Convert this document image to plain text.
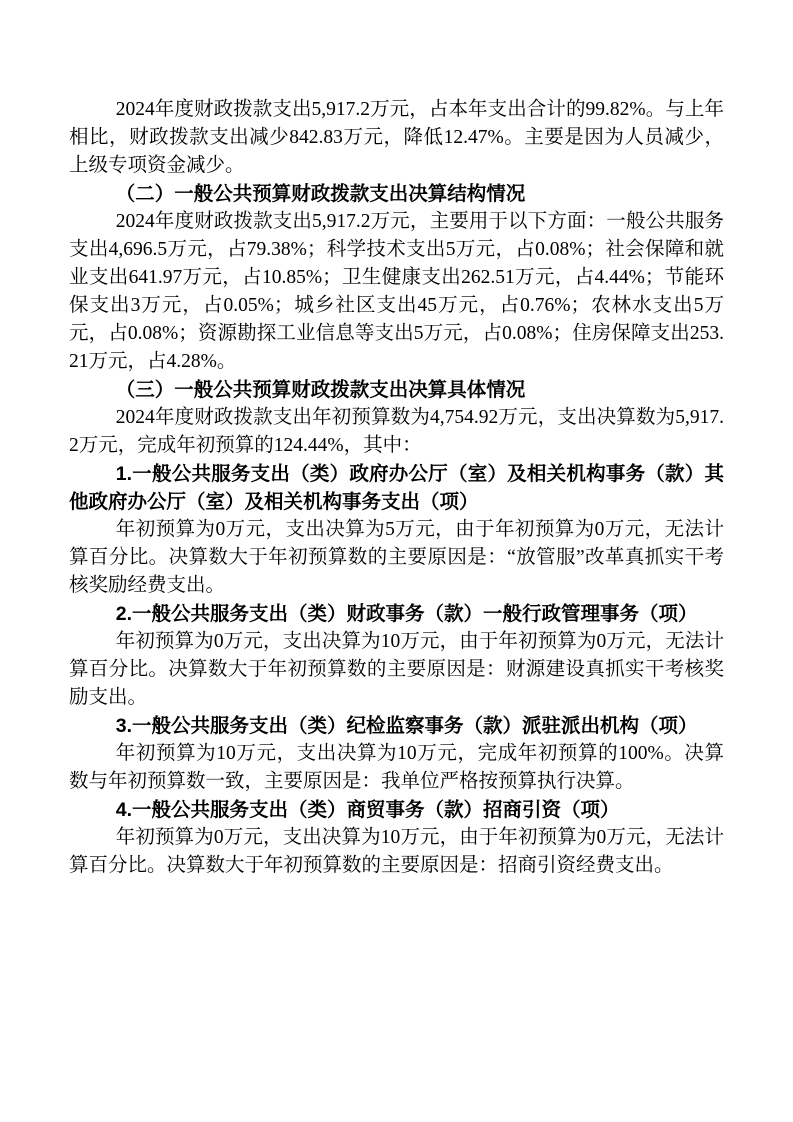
2024年度财政拨款支出5,917.2万元，占本年支出合计的99.82%。与上年相比，财政拨款支出减少842.83万元，降低12.47%。主要是因为人员减少，上级专项资金减少。

（二）一般公共预算财政拨款支出决算结构情况

2024年度财政拨款支出5,917.2万元，主要用于以下方面：一般公共服务支出4,696.5万元，占79.38%；科学技术支出5万元，占0.08%；社会保障和就业支出641.97万元，占10.85%；卫生健康支出262.51万元，占4.44%；节能环保支出3万元，占0.05%；城乡社区支出45万元，占0.76%；农林水支出5万元，占0.08%；资源勘探工业信息等支出5万元，占0.08%；住房保障支出253.21万元，占4.28%。

（三）一般公共预算财政拨款支出决算具体情况

2024年度财政拨款支出年初预算数为4,754.92万元，支出决算数为5,917.2万元，完成年初预算的124.44%，其中：

1.一般公共服务支出（类）政府办公厅（室）及相关机构事务（款）其他政府办公厅（室）及相关机构事务支出（项）

年初预算为0万元，支出决算为5万元，由于年初预算为0万元，无法计算百分比。决算数大于年初预算数的主要原因是：“放管服”改革真抓实干考核奖励经费支出。

2.一般公共服务支出（类）财政事务（款）一般行政管理事务（项）

年初预算为0万元，支出决算为10万元，由于年初预算为0万元，无法计算百分比。决算数大于年初预算数的主要原因是：财源建设真抓实干考核奖励支出。

3.一般公共服务支出（类）纪检监察事务（款）派驻派出机构（项）

年初预算为10万元，支出决算为10万元，完成年初预算的100%。决算数与年初预算数一致，主要原因是：我单位严格按预算执行决算。

4.一般公共服务支出（类）商贸事务（款）招商引资（项）

年初预算为0万元，支出决算为10万元，由于年初预算为0万元，无法计算百分比。决算数大于年初预算数的主要原因是：招商引资经费支出。
